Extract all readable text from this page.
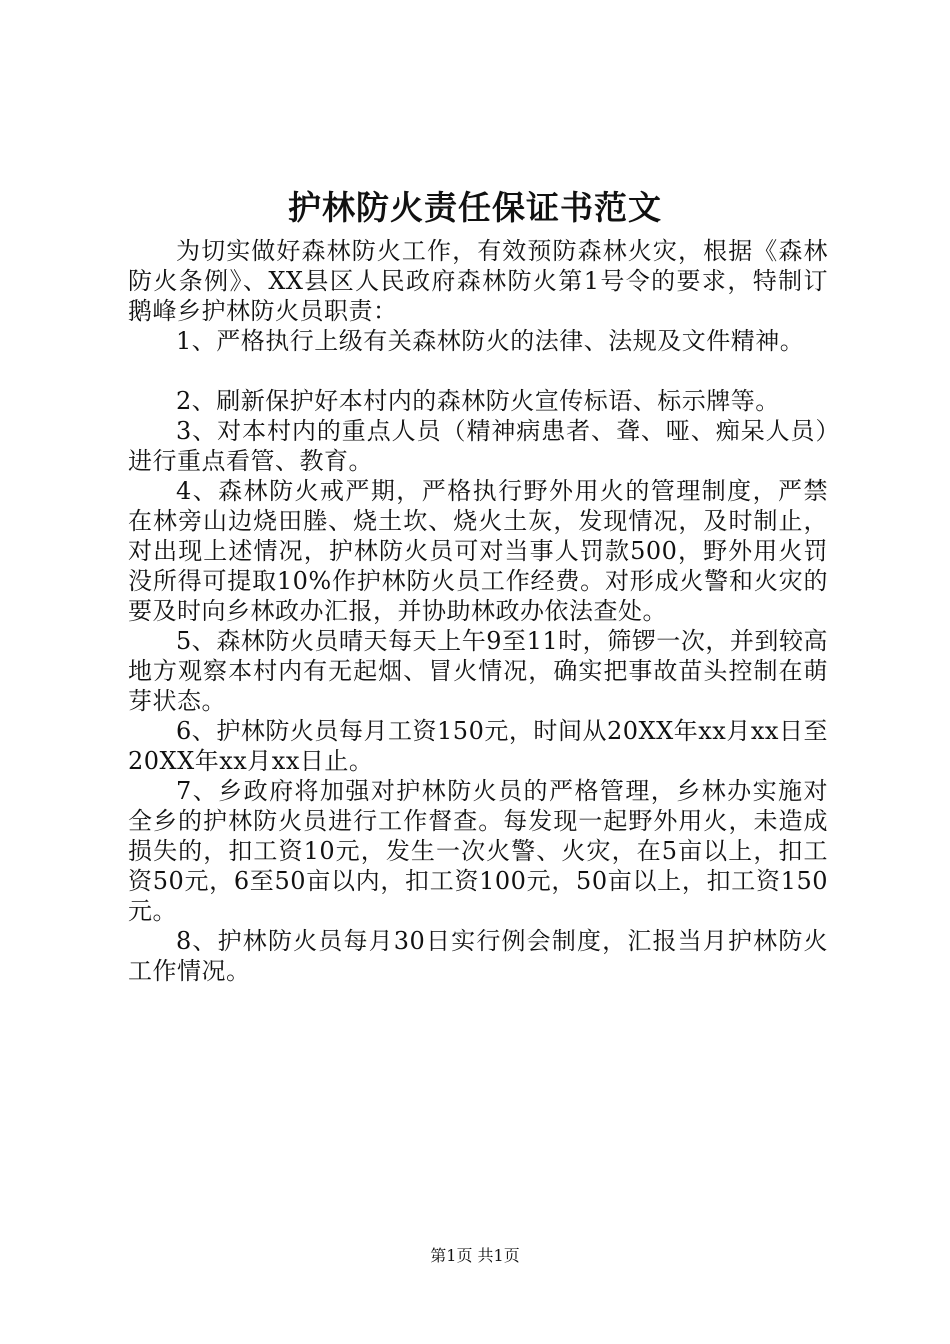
护林防火责任保证书范文

为切实做好森林防火工作，有效预防森林火灾，根据《森林防火条例》、XX县区人民政府森林防火第1号令的要求，特制订鹅峰乡护林防火员职责：

1、严格执行上级有关森林防火的法律、法规及文件精神。

2、刷新保护好本村内的森林防火宣传标语、标示牌等。

3、对本村内的重点人员（精神病患者、聋、哑、痴呆人员）进行重点看管、教育。

4、森林防火戒严期，严格执行野外用火的管理制度，严禁在林旁山边烧田塍、烧土坎、烧火土灰，发现情况，及时制止，对出现上述情况，护林防火员可对当事人罚款500，野外用火罚没所得可提取10%作护林防火员工作经费。对形成火警和火灾的要及时向乡林政办汇报，并协助林政办依法查处。

5、森林防火员晴天每天上午9至11时，筛锣一次，并到较高地方观察本村内有无起烟、冒火情况，确实把事故苗头控制在萌芽状态。

6、护林防火员每月工资150元，时间从20XX年xx月xx日至20XX年xx月xx日止。

7、乡政府将加强对护林防火员的严格管理，乡林办实施对全乡的护林防火员进行工作督查。每发现一起野外用火，未造成损失的，扣工资10元，发生一次火警、火灾，在5亩以上，扣工资50元，6至50亩以内，扣工资100元，50亩以上，扣工资150元。

8、护林防火员每月30日实行例会制度，汇报当月护林防火工作情况。

第1页 共1页
